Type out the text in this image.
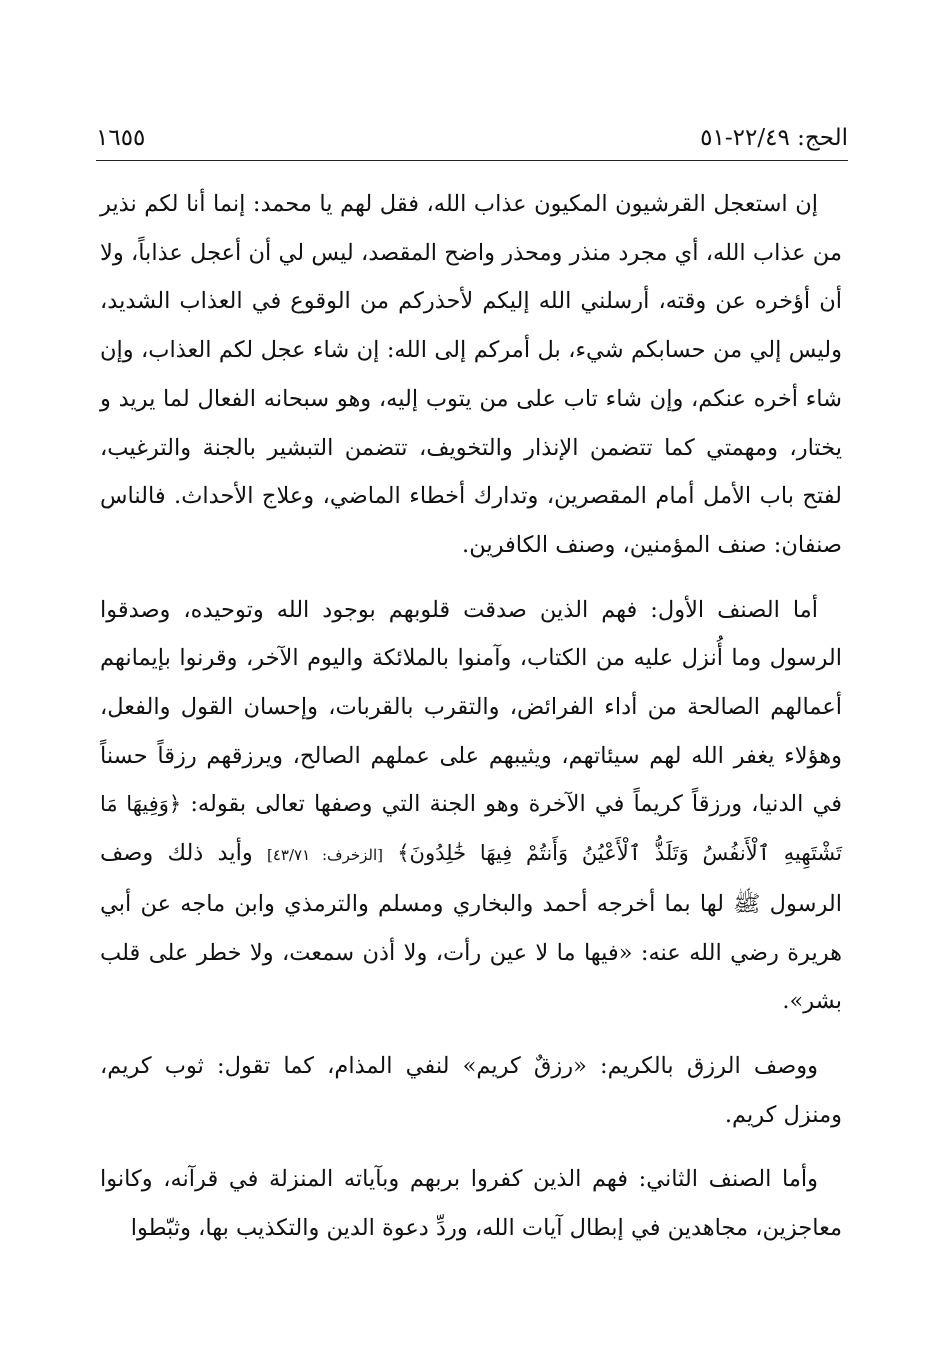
الحج: ٢٢/٤٩-٥١
١٦٥٥

إن استعجل القرشيون المكيون عذاب الله، فقل لهم يا محمد: إنما أنا لكم نذير من عذاب الله، أي مجرد منذر ومحذر واضح المقصد، ليس لي أن أعجل عذاباً، ولا أن أؤخره عن وقته، أرسلني الله إليكم لأحذركم من الوقوع في العذاب الشديد، وليس إلي من حسابكم شيء، بل أمركم إلى الله: إن شاء عجل لكم العذاب، وإن شاء أخره عنكم، وإن شاء تاب على من يتوب إليه، وهو سبحانه الفعال لما يريد و يختار، ومهمتي كما تتضمن الإنذار والتخويف، تتضمن التبشير بالجنة والترغيب، لفتح باب الأمل أمام المقصرين، وتدارك أخطاء الماضي، وعلاج الأحداث. فالناس صنفان: صنف المؤمنين، وصنف الكافرين.

أما الصنف الأول: فهم الذين صدقت قلوبهم بوجود الله وتوحيده، وصدقوا الرسول وما أُنزل عليه من الكتاب، وآمنوا بالملائكة واليوم الآخر، وقرنوا بإيمانهم أعمالهم الصالحة من أداء الفرائض، والتقرب بالقربات، وإحسان القول والفعل، وهؤلاء يغفر الله لهم سيئاتهم، ويثيبهم على عملهم الصالح، ويرزقهم رزقاً حسناً في الدنيا، ورزقاً كريماً في الآخرة وهو الجنة التي وصفها تعالى بقوله: ﴿وَفِيهَا مَا تَشْتَهِيهِ ٱلْأَنفُسُ وَتَلَذُّ ٱلْأَعْيُنُ وَأَنتُمْ فِيهَا خَٰلِدُونَ﴾ [الزخرف: ٤٣/٧١] وأيد ذلك وصف الرسول ﷺ لها بما أخرجه أحمد والبخاري ومسلم والترمذي وابن ماجه عن أبي هريرة رضي الله عنه: «فيها ما لا عين رأت، ولا أذن سمعت، ولا خطر على قلب بشر».

ووصف الرزق بالكريم: «رزقٌ كريم» لنفي المذام، كما تقول: ثوب كريم، ومنزل كريم.

وأما الصنف الثاني: فهم الذين كفروا بربهم وبآياته المنزلة في قرآنه، وكانوا معاجزين، مجاهدين في إبطال آيات الله، وردِّ دعوة الدين والتكذيب بها، وثبّطوا
